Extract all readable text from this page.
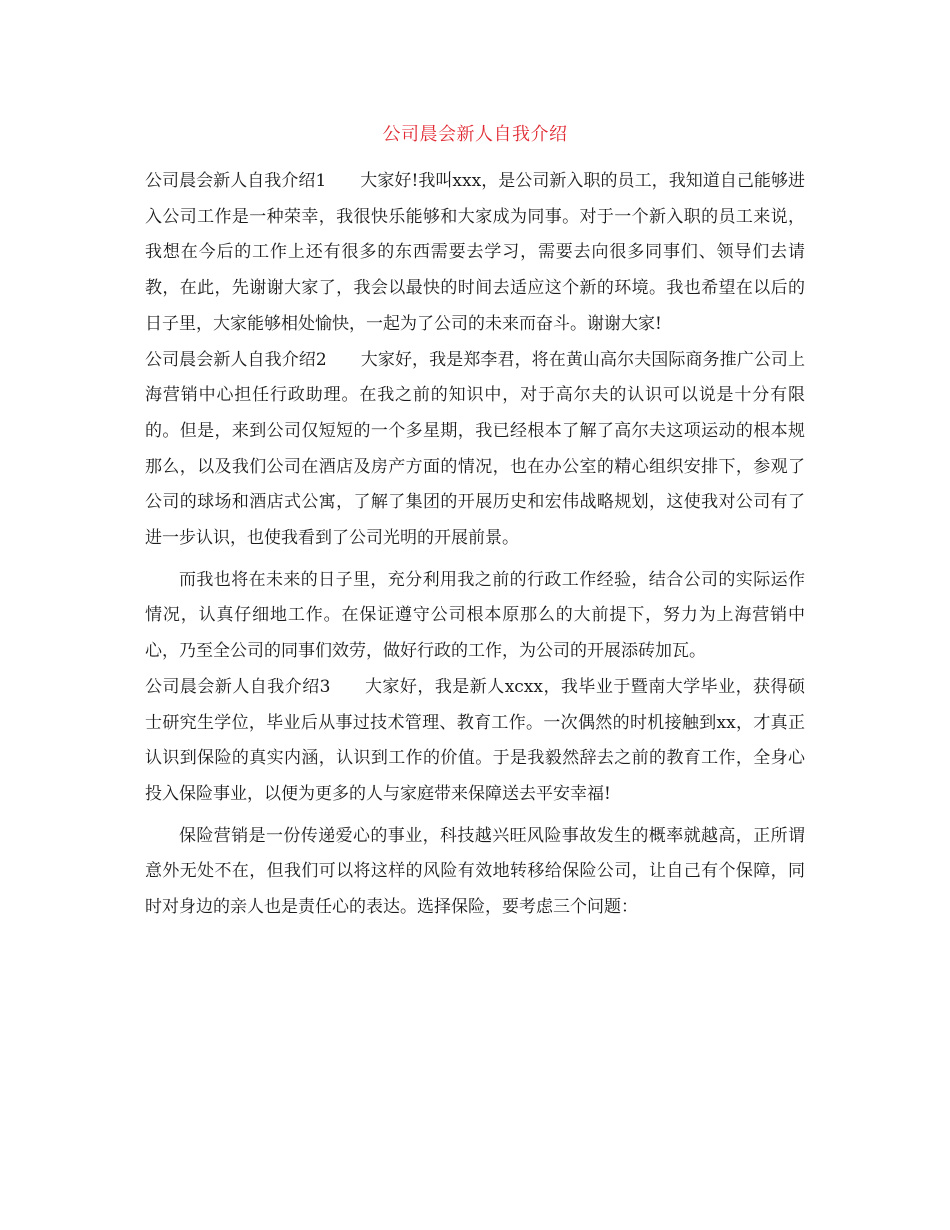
公司晨会新人自我介绍

公司晨会新人自我介绍1 大家好!我叫xxx，是公司新入职的员工，我知道自己能够进入公司工作是一种荣幸，我很快乐能够和大家成为同事。对于一个新入职的员工来说，我想在今后的工作上还有很多的东西需要去学习，需要去向很多同事们、领导们去请教，在此，先谢谢大家了，我会以最快的时间去适应这个新的环境。我也希望在以后的日子里，大家能够相处愉快，一起为了公司的未来而奋斗。谢谢大家!

公司晨会新人自我介绍2 大家好，我是郑李君，将在黄山高尔夫国际商务推广公司上海营销中心担任行政助理。在我之前的知识中，对于高尔夫的认识可以说是十分有限的。但是，来到公司仅短短的一个多星期，我已经根本了解了高尔夫这项运动的根本规那么，以及我们公司在酒店及房产方面的情况，也在办公室的精心组织安排下，参观了公司的球场和酒店式公寓，了解了集团的开展历史和宏伟战略规划，这使我对公司有了进一步认识，也使我看到了公司光明的开展前景。

而我也将在未来的日子里，充分利用我之前的行政工作经验，结合公司的实际运作情况，认真仔细地工作。在保证遵守公司根本原那么的大前提下，努力为上海营销中心，乃至全公司的同事们效劳，做好行政的工作，为公司的开展添砖加瓦。

公司晨会新人自我介绍3 大家好，我是新人xcxx，我毕业于暨南大学毕业，获得硕士研究生学位，毕业后从事过技术管理、教育工作。一次偶然的时机接触到xx，才真正认识到保险的真实内涵，认识到工作的价值。于是我毅然辞去之前的教育工作，全身心投入保险事业，以便为更多的人与家庭带来保障送去平安幸福!

保险营销是一份传递爱心的事业，科技越兴旺风险事故发生的概率就越高，正所谓意外无处不在，但我们可以将这样的风险有效地转移给保险公司，让自己有个保障，同时对身边的亲人也是责任心的表达。选择保险，要考虑三个问题：
